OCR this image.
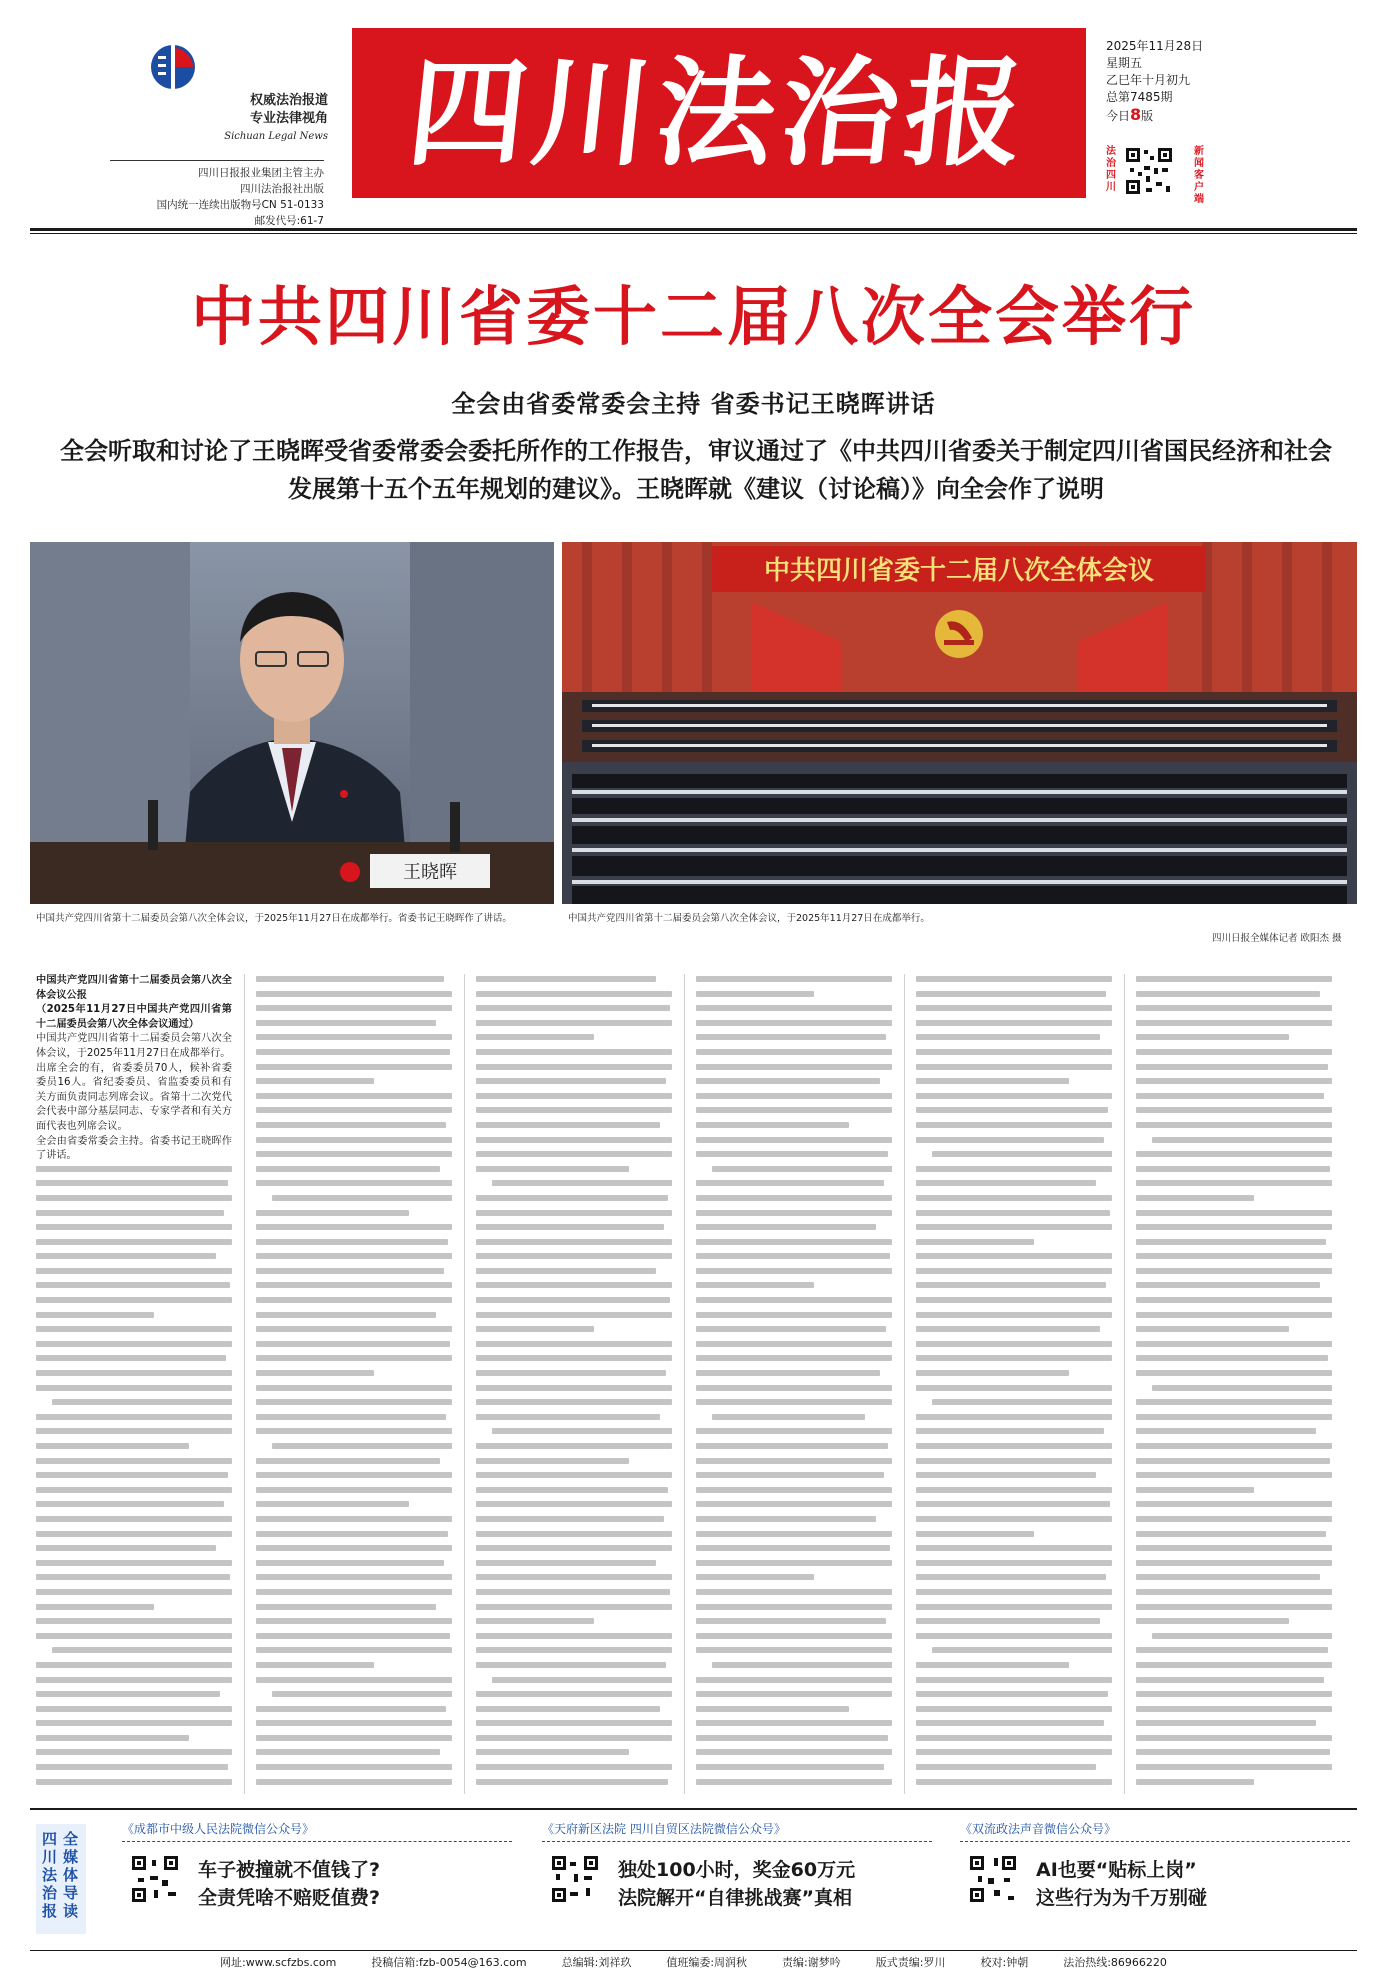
权威法治报道
专业法律视角
Sichuan Legal News
四川日报报业集团主管主办
四川法治报社出版
国内统一连续出版物号CN 51-0133
邮发代号:61-7
四川法治报	2025年11月28日
星期五
乙巳年十月初九
总第7485期
今日8版
法治四川
新闻客户端
中共四川省委十二届八次全会举行
全会由省委常委会主持 省委书记王晓晖讲话
全会听取和讨论了王晓晖受省委常委会委托所作的工作报告，审议通过了《中共四川省委关于制定四川省国民经济和社会发展第十五个五年规划的建议》。王晓晖就《建议（讨论稿）》向全会作了说明
王晓晖
中共四川省委十二届八次全体会议
中国共产党四川省第十二届委员会第八次全体会议，于2025年11月27日在成都举行。省委书记王晓晖作了讲话。	中国共产党四川省第十二届委员会第八次全体会议，于2025年11月27日在成都举行。
四川日报全媒体记者 欧阳杰 摄

中国共产党四川省第十二届委员会第八次全体会议公报

（2025年11月27日中国共产党四川省第十二届委员会第八次全体会议通过）

中国共产党四川省第十二届委员会第八次全体会议，于2025年11月27日在成都举行。

出席全会的有，省委委员70人，候补省委委员16人。省纪委委员、省监委委员和有关方面负责同志列席会议。省第十二次党代会代表中部分基层同志、专家学者和有关方面代表也列席会议。

全会由省委常委会主持。省委书记王晓晖作了讲话。

四川法治报
全媒体导读
《成都市中级人民法院微信公众号》
车子被撞就不值钱了?
全责凭啥不赔贬值费?
《天府新区法院 四川自贸区法院微信公众号》
独处100小时，奖金60万元
法院解开“自律挑战赛”真相
《双流政法声音微信公众号》
AI也要“贴标上岗”
这些行为为千万别碰
网址:www.scfzbs.com	投稿信箱:fzb-0054@163.com	总编辑:刘祥玖	值班编委:周润秋	责编:谢梦吟	版式责编:罗川	校对:钟朝	法治热线:86966220
